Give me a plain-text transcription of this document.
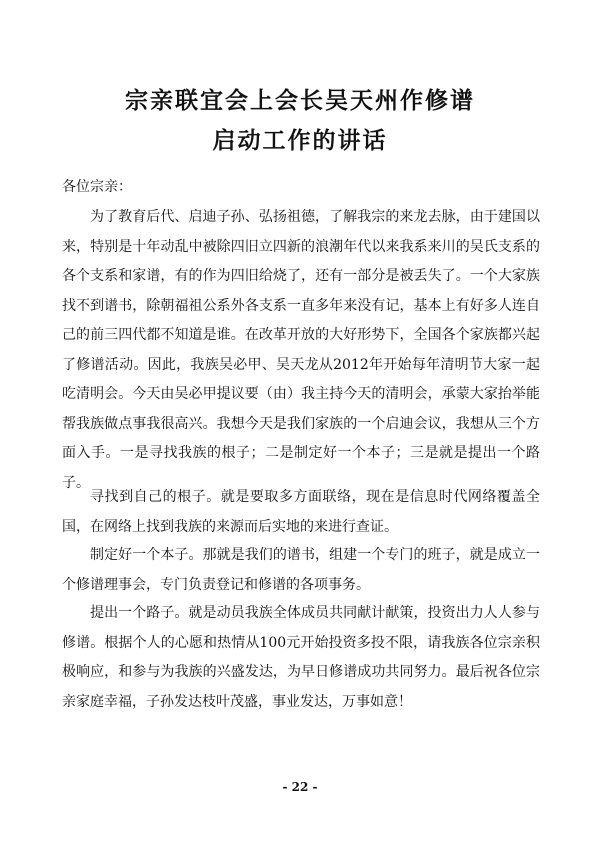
宗亲联宜会上会长吴天州作修谱
启动工作的讲话
各位宗亲：

为了教育后代、启迪子孙、弘扬祖德，了解我宗的来龙去脉，由于建国以来，特别是十年动乱中被除四旧立四新的浪潮年代以来我系来川的吴氏支系的各个支系和家谱，有的作为四旧给烧了，还有一部分是被丢失了。一个大家族找不到谱书，除朝福祖公系外各支系一直多年来没有记，基本上有好多人连自己的前三四代都不知道是谁。在改革开放的大好形势下，全国各个家族都兴起了修谱活动。因此，我族吴必甲、吴天龙从2012年开始每年清明节大家一起吃清明会。今天由吴必甲提议要（由）我主持今天的清明会，承蒙大家抬举能帮我族做点事我很高兴。我想今天是我们家族的一个启迪会议，我想从三个方面入手。一是寻找我族的根子；二是制定好一个本子；三是就是提出一个路子。

寻找到自己的根子。就是要取多方面联络，现在是信息时代网络覆盖全国，在网络上找到我族的来源而后实地的来进行查证。

制定好一个本子。那就是我们的谱书，组建一个专门的班子，就是成立一个修谱理事会，专门负责登记和修谱的各项事务。

提出一个路子。就是动员我族全体成员共同献计献策，投资出力人人参与修谱。根据个人的心愿和热情从100元开始投资多投不限，请我族各位宗亲积极响应，和参与为我族的兴盛发达，为早日修谱成功共同努力。最后祝各位宗亲家庭幸福，子孙发达枝叶茂盛，事业发达，万事如意！

- 22 -
